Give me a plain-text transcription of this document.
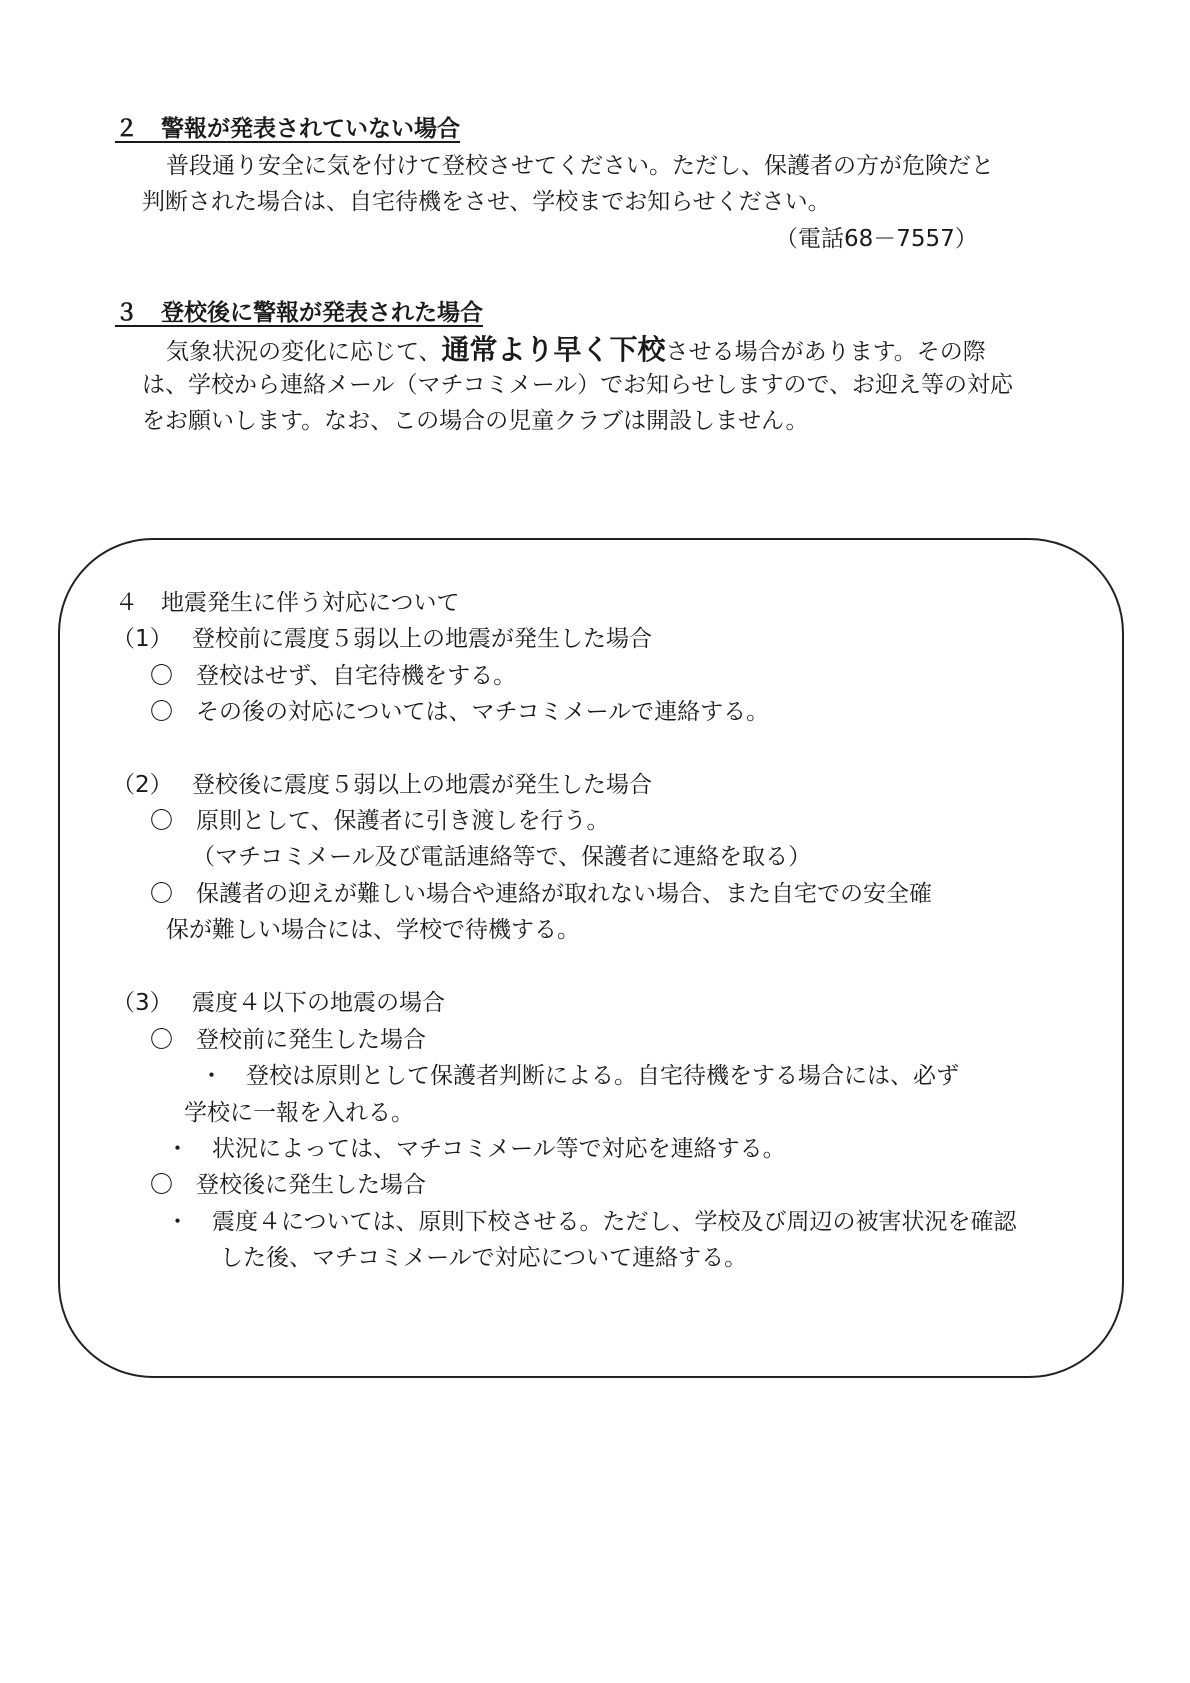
２　警報が発表されていない場合
普段通り安全に気を付けて登校させてください。ただし、保護者の方が危険だと
判断された場合は、自宅待機をさせ、学校までお知らせください。
（電話68－7557）
３　登校後に警報が発表された場合
気象状況の変化に応じて、通常より早く下校させる場合があります。その際
は、学校から連絡メール（マチコミメール）でお知らせしますので、お迎え等の対応
をお願いします。なお、この場合の児童クラブは開設しません。
４　地震発生に伴う対応について
（1） 登校前に震度５弱以上の地震が発生した場合
〇　登校はせず、自宅待機をする。
〇　その後の対応については、マチコミメールで連絡する。
（2） 登校後に震度５弱以上の地震が発生した場合
〇　原則として、保護者に引き渡しを行う。
（マチコミメール及び電話連絡等で、保護者に連絡を取る）
〇　保護者の迎えが難しい場合や連絡が取れない場合、また自宅での安全確
保が難しい場合には、学校で待機する。
（3） 震度４以下の地震の場合
〇　登校前に発生した場合
・　登校は原則として保護者判断による。自宅待機をする場合には、必ず
学校に一報を入れる。
・　状況によっては、マチコミメール等で対応を連絡する。
〇　登校後に発生した場合
・　震度４については、原則下校させる。ただし、学校及び周辺の被害状況を確認
した後、マチコミメールで対応について連絡する。
